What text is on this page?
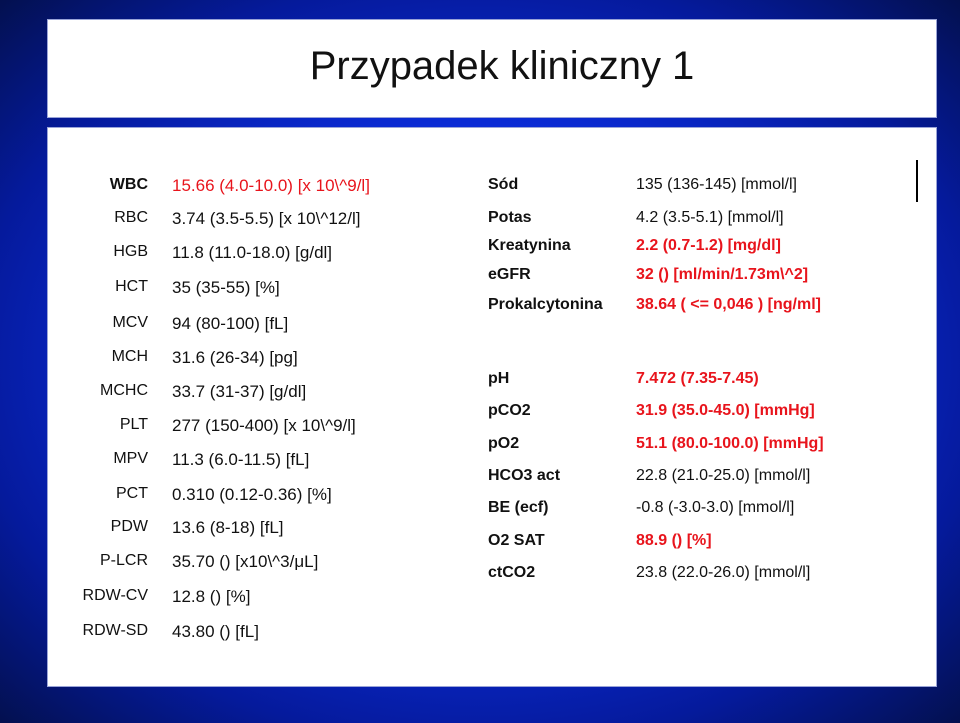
Przypadek kliniczny 1
WBC 15.66 (4.0-10.0) [x 10\^9/l]
RBC 3.74 (3.5-5.5) [x 10\^12/l]
HGB 11.8 (11.0-18.0) [g/dl]
HCT 35 (35-55) [%]
MCV 94 (80-100) [fL]
MCH 31.6 (26-34) [pg]
MCHC 33.7 (31-37) [g/dl]
PLT 277 (150-400) [x 10\^9/l]
MPV 11.3 (6.0-11.5) [fL]
PCT 0.310 (0.12-0.36) [%]
PDW 13.6 (8-18) [fL]
P-LCR 35.70 () [x10\^3/μL]
RDW-CV 12.8 () [%]
RDW-SD 43.80 () [fL]
Sód	135 (136-145) [mmol/l]
Potas	4.2 (3.5-5.1) [mmol/l]
Kreatynina	2.2 (0.7-1.2) [mg/dl]
eGFR	32 () [ml/min/1.73m\^2]
Prokalcytonina 38.64 ( <= 0,046 ) [ng/ml]
pH	7.472 (7.35-7.45)
pCO2	31.9 (35.0-45.0) [mmHg]
pO2	51.1 (80.0-100.0) [mmHg]
HCO3 act	22.8 (21.0-25.0) [mmol/l]
BE (ecf)	-0.8 (-3.0-3.0) [mmol/l]
O2 SAT	88.9 () [%]
ctCO2	23.8 (22.0-26.0) [mmol/l]
